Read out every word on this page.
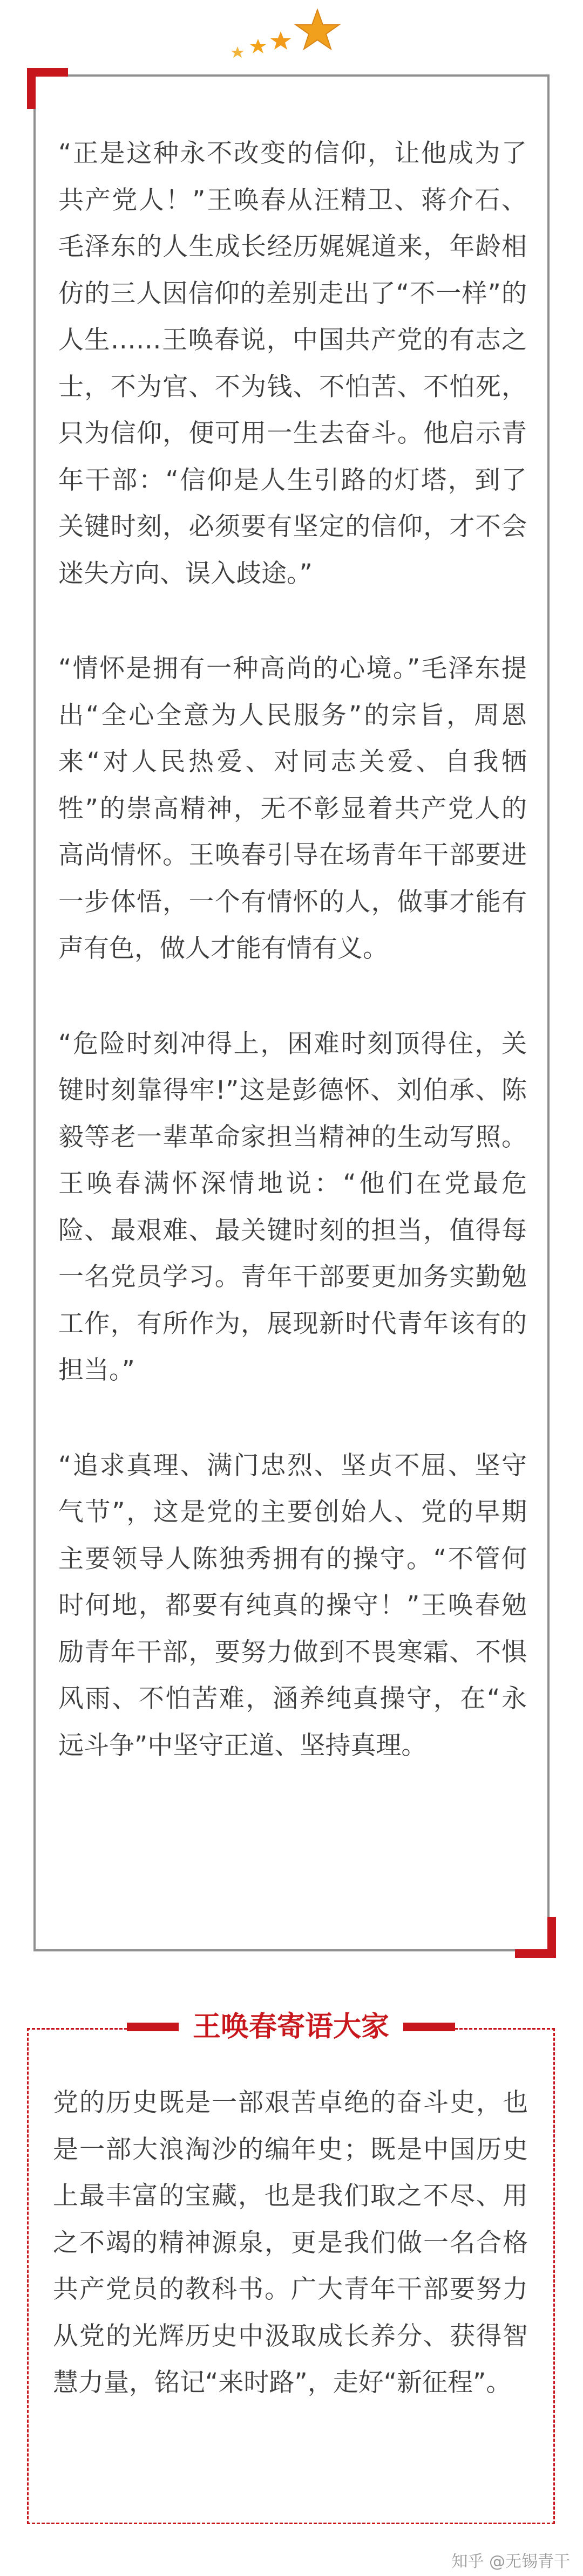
“正是这种永不改变的信仰，让他成为了共产党人！”王唤春从汪精卫、蒋介石、毛泽东的人生成长经历娓娓道来，年龄相仿的三人因信仰的差别走出了“不一样”的人生……王唤春说，中国共产党的有志之士，不为官、不为钱、不怕苦、不怕死，只为信仰，便可用一生去奋斗。他启示青年干部：“信仰是人生引路的灯塔，到了关键时刻，必须要有坚定的信仰，才不会迷失方向、误入歧途。”

“情怀是拥有一种高尚的心境。”毛泽东提出“全心全意为人民服务”的宗旨，周恩来“对人民热爱、对同志关爱、自我牺牲”的崇高精神，无不彰显着共产党人的高尚情怀。王唤春引导在场青年干部要进一步体悟，一个有情怀的人，做事才能有声有色，做人才能有情有义。

“危险时刻冲得上，困难时刻顶得住，关键时刻靠得牢!”这是彭德怀、刘伯承、陈毅等老一辈革命家担当精神的生动写照。 王唤春满怀深情地说：“他们在党最危险、最艰难、最关键时刻的担当，值得每一名党员学习。青年干部要更加务实勤勉工作，有所作为，展现新时代青年该有的担当。”

“追求真理、满门忠烈、坚贞不屈、坚守气节”，这是党的主要创始人、党的早期主要领导人陈独秀拥有的操守。“不管何时何地，都要有纯真的操守！”王唤春勉励青年干部，要努力做到不畏寒霜、不惧风雨、不怕苦难，涵养纯真操守，在“永远斗争”中坚守正道、坚持真理。

王唤春寄语大家
党的历史既是一部艰苦卓绝的奋斗史，也是一部大浪淘沙的编年史；既是中国历史上最丰富的宝藏，也是我们取之不尽、用之不竭的精神源泉，更是我们做一名合格共产党员的教科书。广大青年干部要努力从党的光辉历史中汲取成长养分、获得智慧力量，铭记“来时路”，走好“新征程”。
知乎 @无锡青干
